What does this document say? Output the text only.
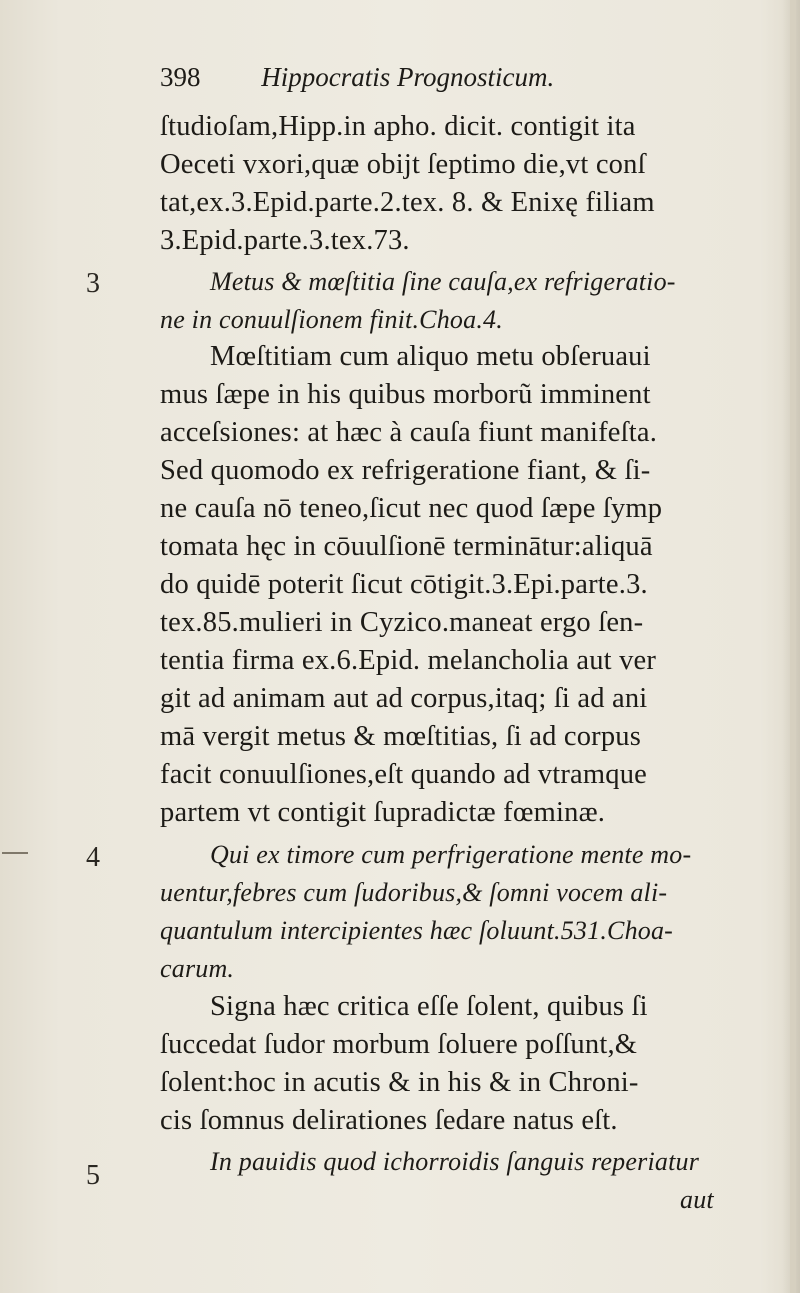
398 Hippocratis Prognosticum.
3
4
5
ſtudioſam,Hipp.in apho. dicit. contigit ita
Oeceti vxori,quæ obijt ſeptimo die,vt conſ
tat,ex.3.Epid.parte.2.tex. 8. & Enixę filiam
3.Epid.parte.3.tex.73.
Metus & mœſtitia ſine cauſa,ex refrigeratio-
ne in conuulſionem finit.Choa.4.
Mœſtitiam cum aliquo metu obſeruaui
mus ſæpe in his quibus morborũ imminent
acceſsiones: at hæc à cauſa fiunt manifeſta.
Sed quomodo ex refrigeratione fiant, & ſi-
ne cauſa nō teneo,ſicut nec quod ſæpe ſymp
tomata hęc in cōuulſionē terminātur:aliquā
do quidē poterit ſicut cōtigit.3.Epi.parte.3.
tex.85.mulieri in Cyzico.maneat ergo ſen-
tentia firma ex.6.Epid. melancholia aut ver
git ad animam aut ad corpus,itaq; ſi ad ani
mā vergit metus & mœſtitias, ſi ad corpus
facit conuulſiones,eſt quando ad vtramque
partem vt contigit ſupradictæ fœminæ.
Qui ex timore cum perfrigeratione mente mo-
uentur,febres cum ſudoribus,& ſomni vocem ali-
quantulum intercipientes hæc ſoluunt.531.Choa-
carum.
Signa hæc critica eſſe ſolent, quibus ſi
ſuccedat ſudor morbum ſoluere poſſunt,&
ſolent:hoc in acutis & in his & in Chroni-
cis ſomnus delirationes ſedare natus eſt.
In pauidis quod ichorroidis ſanguis reperiatur
aut
